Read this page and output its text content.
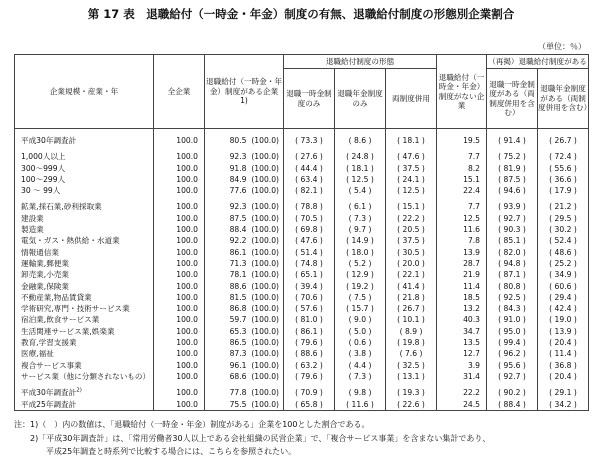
第 17 表　退職給付（一時金・年金）制度の有無、退職給付制度の形態別企業割合
（単位：％）
企業規模・産業・年	全企業	退職給付（一時金・年金）制度がある企業
1)	退職給付制度の形態			退職給付（一時金・年金）制度がない企業	（再掲）退職給付制度がある	
			退職一時金制度のみ	退職年金制度のみ	両制度併用		退職一時金制度がある（両制度併用を含む）	退職年金制度がある（両制度併用を含む）

平成30年調査計	100.0	80.5 (100.0)	( 73.3 )	( 8.6 )	( 18.1 )	19.5	( 91.4 )	( 26.7 )
1,000人以上	100.0	92.3 (100.0)	( 27.6 )	( 24.8 )	( 47.6 )	7.7	( 75.2 )	( 72.4 )
300～999人	100.0	91.8 (100.0)	( 44.4 )	( 18.1 )	( 37.5 )	8.2	( 81.9 )	( 55.6 )
100～299人	100.0	84.9 (100.0)	( 63.4 )	( 12.5 )	( 24.1 )	15.1	( 87.5 )	( 36.6 )
30 ～ 99人	100.0	77.6 (100.0)	( 82.1 )	( 5.4 )	( 12.5 )	22.4	( 94.6 )	( 17.9 )
鉱業,採石業,砂利採取業	100.0	92.3 (100.0)	( 78.8 )	( 6.1 )	( 15.1 )	7.7	( 93.9 )	( 21.2 )
建設業	100.0	87.5 (100.0)	( 70.5 )	( 7.3 )	( 22.2 )	12.5	( 92.7 )	( 29.5 )
製造業	100.0	88.4 (100.0)	( 69.8 )	( 9.7 )	( 20.5 )	11.6	( 90.3 )	( 30.2 )
電気・ガス・熱供給・水道業	100.0	92.2 (100.0)	( 47.6 )	( 14.9 )	( 37.5 )	7.8	( 85.1 )	( 52.4 )
情報通信業	100.0	86.1 (100.0)	( 51.4 )	( 18.0 )	( 30.5 )	13.9	( 82.0 )	( 48.6 )
運輸業,郵便業	100.0	71.3 (100.0)	( 74.8 )	( 5.2 )	( 20.0 )	28.7	( 94.8 )	( 25.2 )
卸売業,小売業	100.0	78.1 (100.0)	( 65.1 )	( 12.9 )	( 22.1 )	21.9	( 87.1 )	( 34.9 )
金融業,保険業	100.0	88.6 (100.0)	( 39.4 )	( 19.2 )	( 41.4 )	11.4	( 80.8 )	( 60.6 )
不動産業,物品賃貸業	100.0	81.5 (100.0)	( 70.6 )	( 7.5 )	( 21.8 )	18.5	( 92.5 )	( 29.4 )
学術研究,専門・技術サービス業	100.0	86.8 (100.0)	( 57.6 )	( 15.7 )	( 26.7 )	13.2	( 84.3 )	( 42.4 )
宿泊業,飲食サービス業	100.0	59.7 (100.0)	( 81.0 )	( 9.0 )	( 10.1 )	40.3	( 91.0 )	( 19.0 )
生活関連サービス業,娯楽業	100.0	65.3 (100.0)	( 86.1 )	( 5.0 )	( 8.9 )	34.7	( 95.0 )	( 13.9 )
教育,学習支援業	100.0	86.5 (100.0)	( 79.6 )	( 0.6 )	( 19.8 )	13.5	( 99.4 )	( 20.4 )
医療,福祉	100.0	87.3 (100.0)	( 88.6 )	( 3.8 )	( 7.6 )	12.7	( 96.2 )	( 11.4 )
複合サービス事業	100.0	96.1 (100.0)	( 63.2 )	( 4.4 )	( 32.5 )	3.9	( 95.6 )	( 36.8 )
サービス業（他に分類されないもの）	100.0	68.6 (100.0)	( 79.6 )	( 7.3 )	( 13.1 )	31.4	( 92.7 )	( 20.4 )
平成30年調査計$^{2)}$	100.0	77.8 (100.0)	( 70.9 )	( 9.8 )	( 19.3 )	22.2	( 90.2 )	( 29.1 )
平成25年調査計	100.0	75.5 (100.0)	( 65.8 )	( 11.6 )	( 22.6 )	24.5	( 88.4 )	( 34.2 )
注：1)（　）内の数値は、「退職給付（一時金・年金）制度がある」企業を100とした割合である。
　　2)「平成30年調査計」は、「常用労働者30人以上である会社組織の民営企業」で、「複合サービス事業」を含まない集計であり、
　　　　平成25年調査と時系列で比較する場合には、こちらを参照されたい。
